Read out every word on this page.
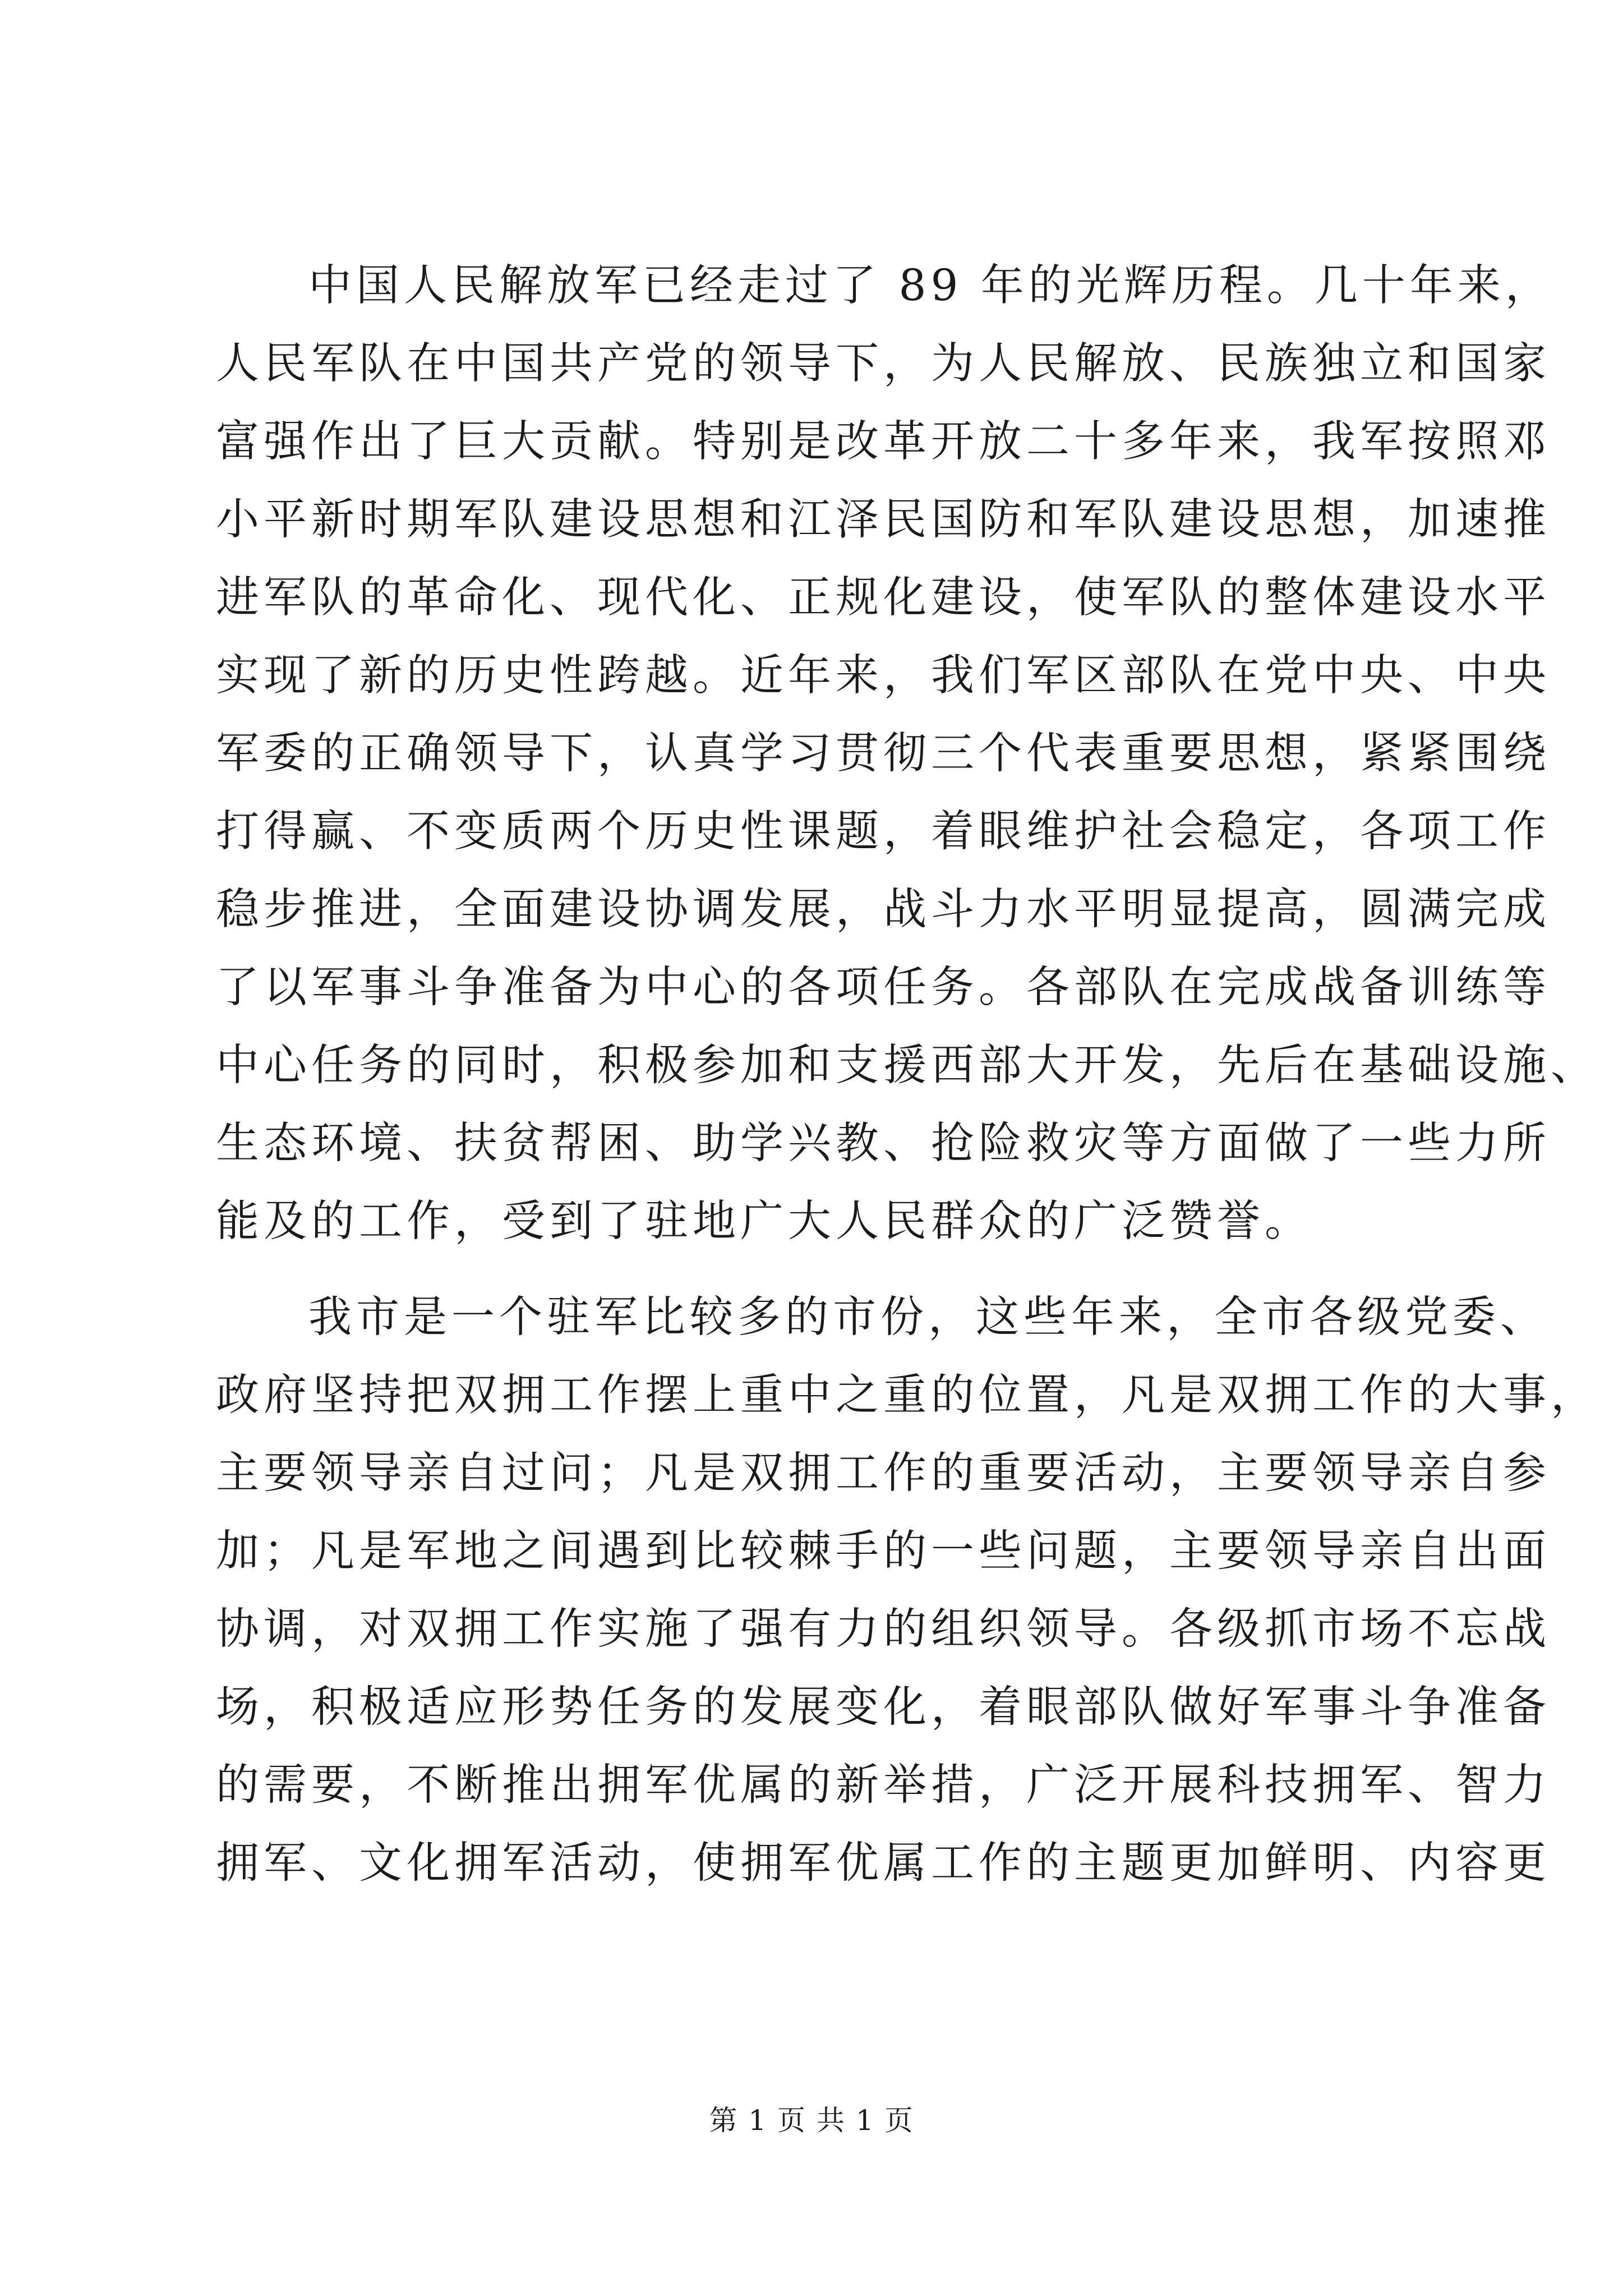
中国人民解放军已经走过了 89 年的光辉历程。几十年来，
人民军队在中国共产党的领导下，为人民解放、民族独立和国家
富强作出了巨大贡献。特别是改革开放二十多年来，我军按照邓
小平新时期军队建设思想和江泽民国防和军队建设思想，加速推
进军队的革命化、现代化、正规化建设，使军队的整体建设水平
实现了新的历史性跨越。近年来，我们军区部队在党中央、中央
军委的正确领导下，认真学习贯彻三个代表重要思想，紧紧围绕
打得赢、不变质两个历史性课题，着眼维护社会稳定，各项工作
稳步推进，全面建设协调发展，战斗力水平明显提高，圆满完成
了以军事斗争准备为中心的各项任务。各部队在完成战备训练等
中心任务的同时，积极参加和支援西部大开发，先后在基础设施、
生态环境、扶贫帮困、助学兴教、抢险救灾等方面做了一些力所
能及的工作，受到了驻地广大人民群众的广泛赞誉。
我市是一个驻军比较多的市份，这些年来，全市各级党委、
政府坚持把双拥工作摆上重中之重的位置，凡是双拥工作的大事，
主要领导亲自过问；凡是双拥工作的重要活动，主要领导亲自参
加；凡是军地之间遇到比较棘手的一些问题，主要领导亲自出面
协调，对双拥工作实施了强有力的组织领导。各级抓市场不忘战
场，积极适应形势任务的发展变化，着眼部队做好军事斗争准备
的需要，不断推出拥军优属的新举措，广泛开展科技拥军、智力
拥军、文化拥军活动，使拥军优属工作的主题更加鲜明、内容更
第 1 页 共 1 页
